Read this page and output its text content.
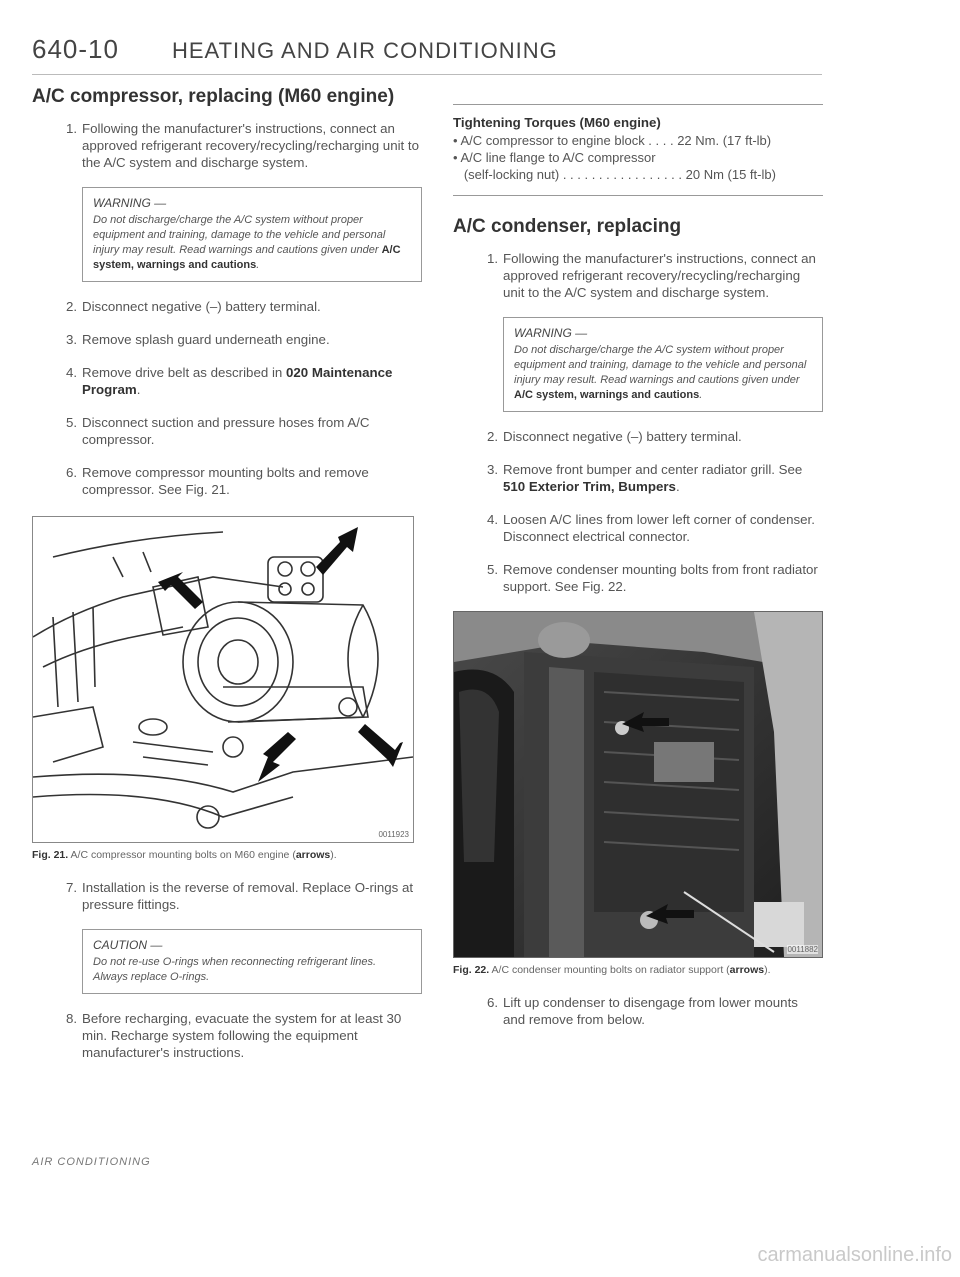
640-10 HEATING AND AIR CONDITIONING
A/C compressor, replacing (M60 engine)
1. Following the manufacturer's instructions, connect an approved refrigerant recovery/recycling/recharging unit to the A/C system and discharge system.
WARNING —
Do not discharge/charge the A/C system without proper equipment and training, damage to the vehicle and personal injury may result. Read warnings and cautions given under A/C system, warnings and cautions.
2. Disconnect negative (–) battery terminal.
3. Remove splash guard underneath engine.
4. Remove drive belt as described in 020 Maintenance Program.
5. Disconnect suction and pressure hoses from A/C compressor.
6. Remove compressor mounting bolts and remove compressor. See Fig. 21.
0011923
Fig. 21. A/C compressor mounting bolts on M60 engine (arrows).
7. Installation is the reverse of removal. Replace O-rings at pressure fittings.
CAUTION —
Do not re-use O-rings when reconnecting refrigerant lines. Always replace O-rings.
8. Before recharging, evacuate the system for at least 30 min. Recharge system following the equipment manufacturer's instructions.
Tightening Torques (M60 engine)
• A/C compressor to engine block . . . . 22 Nm. (17 ft-lb)
• A/C line flange to A/C compressor
(self-locking nut) . . . . . . . . . . . . . . . . . 20 Nm (15 ft-lb)
A/C condenser, replacing
1. Following the manufacturer's instructions, connect an approved refrigerant recovery/recycling/recharging unit to the A/C system and discharge system.
WARNING —
Do not discharge/charge the A/C system without proper equipment and training, damage to the vehicle and personal injury may result. Read warnings and cautions given under A/C system, warnings and cautions.
2. Disconnect negative (–) battery terminal.
3. Remove front bumper and center radiator grill. See 510 Exterior Trim, Bumpers.
4. Loosen A/C lines from lower left corner of condenser. Disconnect electrical connector.
5. Remove condenser mounting bolts from front radiator support. See Fig. 22.
0011882
Fig. 22. A/C condenser mounting bolts on radiator support (arrows).
6. Lift up condenser to disengage from lower mounts and remove from below.
AIR CONDITIONING
carmanualsonline.info
